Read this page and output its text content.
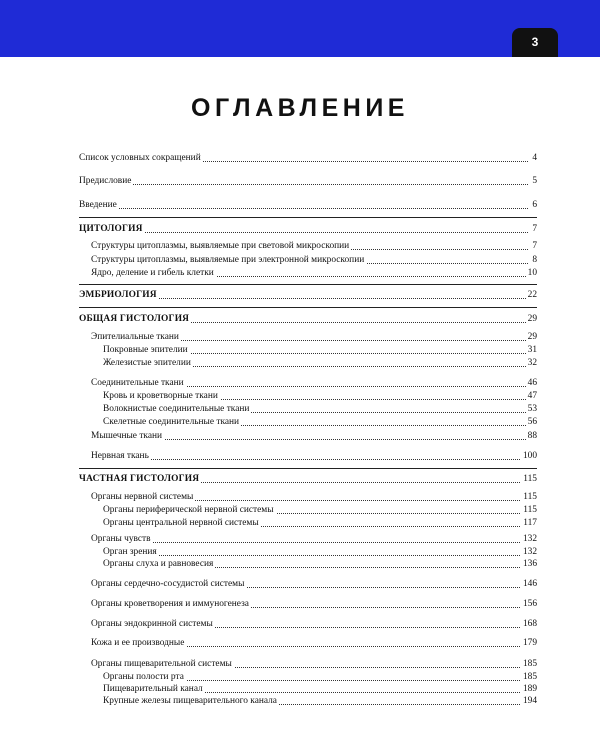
3
ОГЛАВЛЕНИЕ
Список условных сокращений	4
Предисловие	5
Введение	6
ЦИТОЛОГИЯ	7
Структуры цитоплазмы, выявляемые при световой микроскопии	7
Структуры цитоплазмы, выявляемые при электронной микроскопии	8
Ядро, деление и гибель клетки	10
ЭМБРИОЛОГИЯ	22
ОБЩАЯ ГИСТОЛОГИЯ	29
Эпителиальные ткани	29
Покровные эпителии	31
Железистые эпителии	32
Соединительные ткани	46
Кровь и кроветворные ткани	47
Волокнистые соединительные ткани	53
Скелетные соединительные ткани	56
Мышечные ткани	88
Нервная ткань	100
ЧАСТНАЯ ГИСТОЛОГИЯ	115
Органы нервной системы	115
Органы периферической нервной системы	115
Органы центральной нервной системы	117
Органы чувств	132
Орган зрения	132
Органы слуха и равновесия	136
Органы сердечно-сосудистой системы	146
Органы кроветворения и иммуногенеза	156
Органы эндокринной системы	168
Кожа и ее производные	179
Органы пищеварительной системы	185
Органы полости рта	185
Пищеварительный канал	189
Крупные железы пищеварительного канала	194
